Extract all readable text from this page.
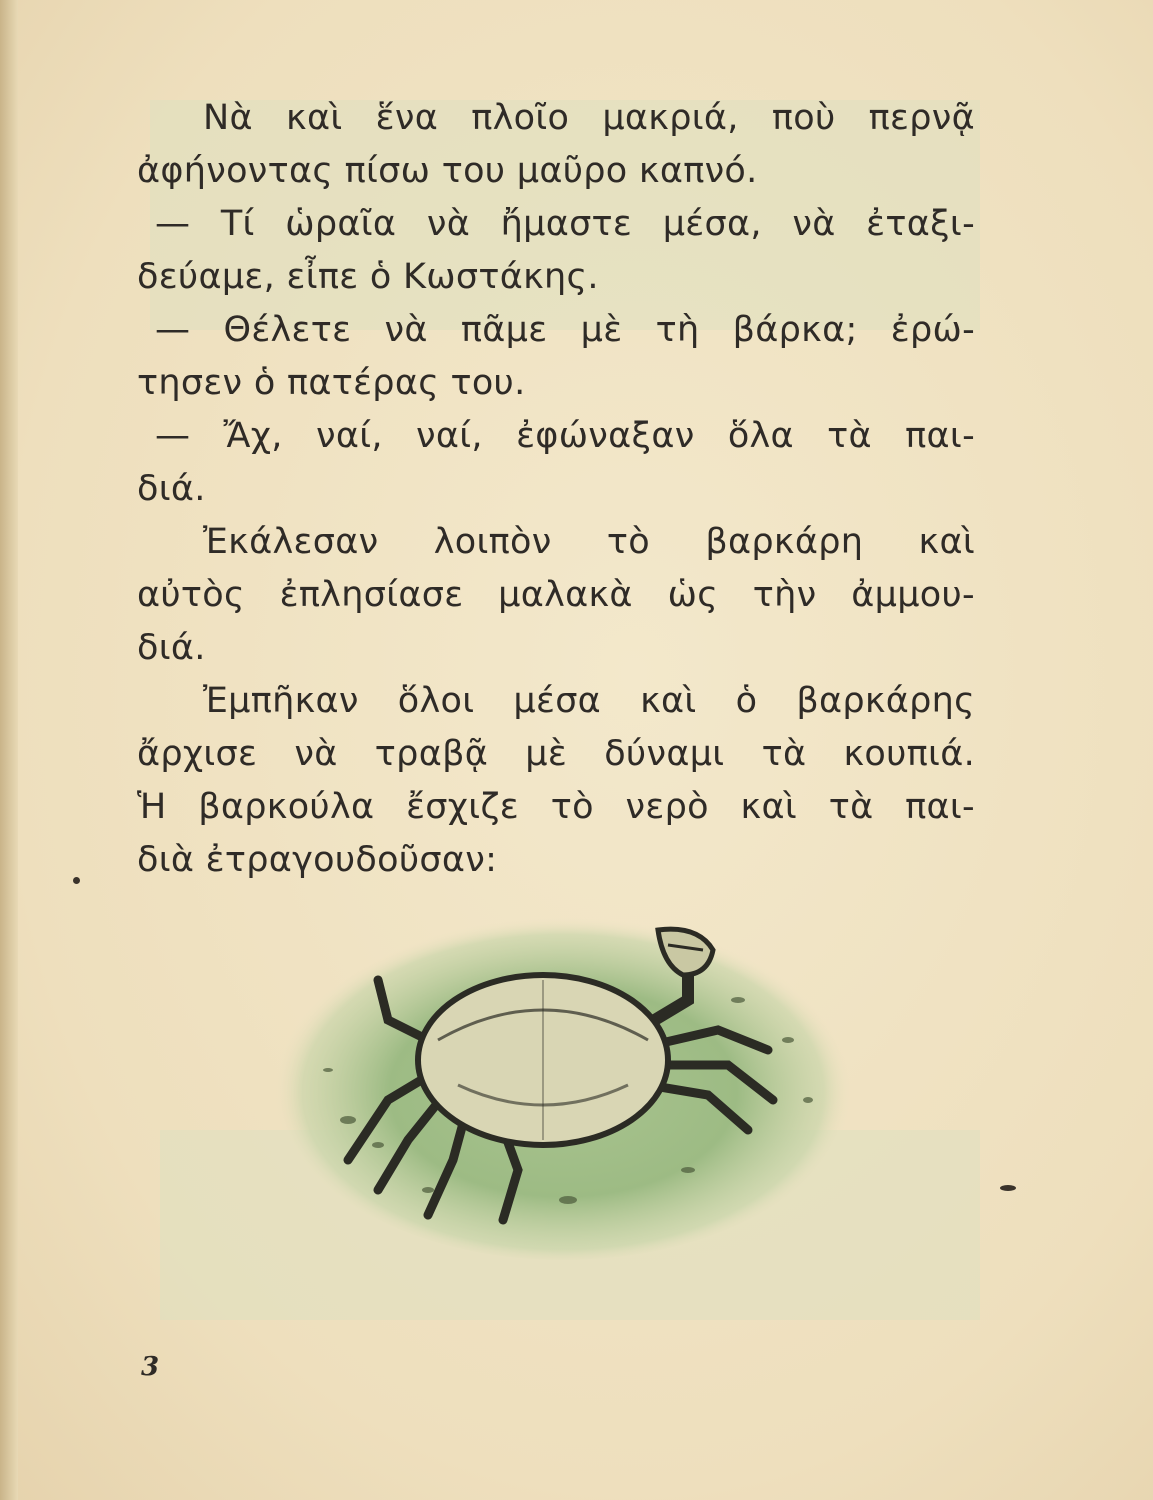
Νὰ καὶ ἕνα πλοῖο μακριά, ποὺ περνᾷ
ἀφήνοντας πίσω του μαῦρο καπνό.
— Τί ὡραῖα νὰ ἤμαστε μέσα, νὰ ἐταξι-
δεύαμε, εἶπε ὁ Κωστάκης.
— Θέλετε νὰ πᾶμε μὲ τὴ βάρκα; ἐρώ-
τησεν ὁ πατέρας του.
— Ἄχ, ναί, ναί, ἐφώναξαν ὅλα τὰ παι-
διά.
Ἐκάλεσαν λοιπὸν τὸ βαρκάρη καὶ
αὐτὸς ἐπλησίασε μαλακὰ ὡς τὴν ἀμμου-
διά.
Ἐμπῆκαν ὅλοι μέσα καὶ ὁ βαρκάρης
ἄρχισε νὰ τραβᾷ μὲ δύναμι τὰ κουπιά.
Ἡ βαρκούλα ἔσχιζε τὸ νερὸ καὶ τὰ παι-
διὰ ἐτραγουδοῦσαν:
3
